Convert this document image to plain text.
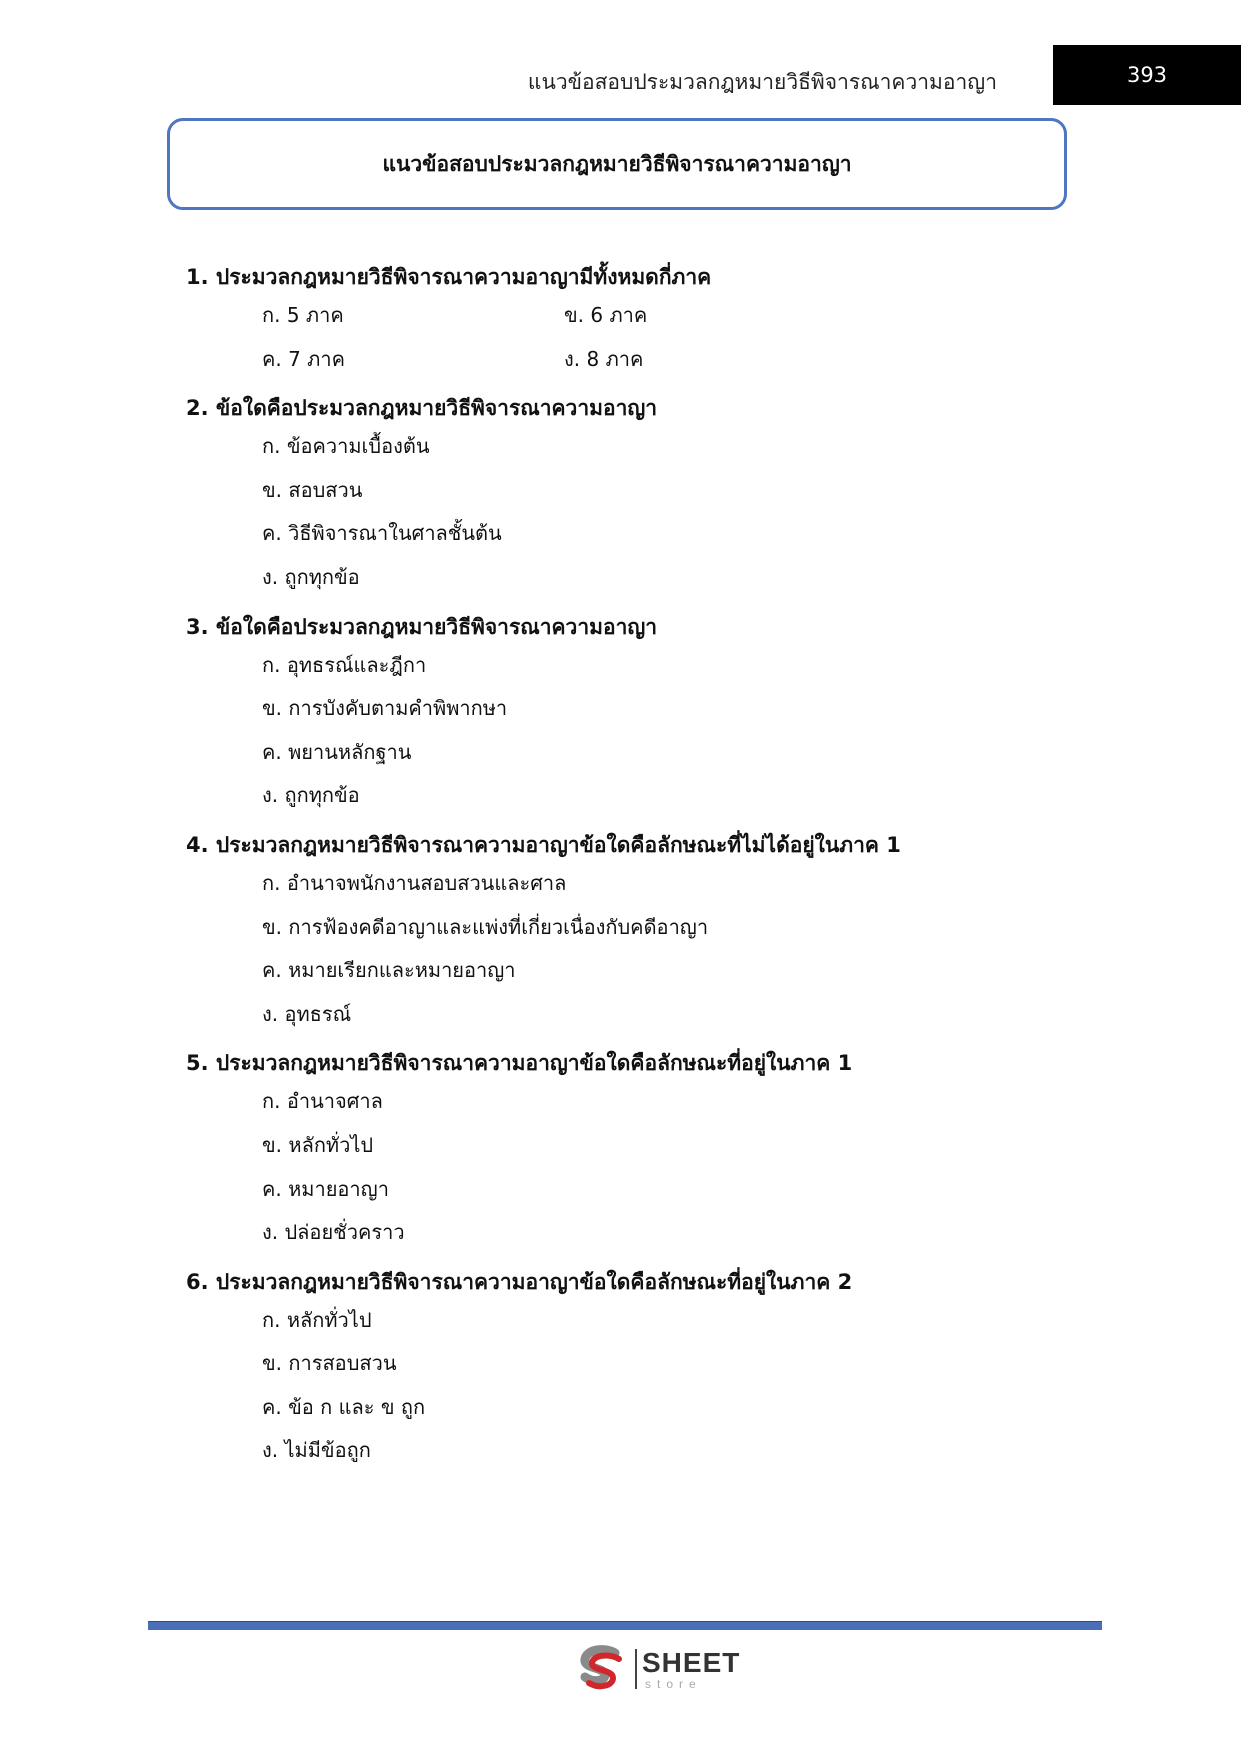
แนวข้อสอบประมวลกฎหมายวิธีพิจารณาความอาญา	393
แนวข้อสอบประมวลกฎหมายวิธีพิจารณาความอาญา
1. ประมวลกฎหมายวิธีพิจารณาความอาญามีทั้งหมดกี่ภาค
ก. 5 ภาค	ข. 6 ภาค
ค. 7 ภาค	ง. 8 ภาค
2. ข้อใดคือประมวลกฎหมายวิธีพิจารณาความอาญา
ก. ข้อความเบื้องต้น
ข. สอบสวน
ค. วิธีพิจารณาในศาลชั้นต้น
ง. ถูกทุกข้อ
3. ข้อใดคือประมวลกฎหมายวิธีพิจารณาความอาญา
ก. อุทธรณ์และฎีกา
ข. การบังคับตามคำพิพากษา
ค. พยานหลักฐาน
ง. ถูกทุกข้อ
4. ประมวลกฎหมายวิธีพิจารณาความอาญาข้อใดคือลักษณะที่ไม่ได้อยู่ในภาค 1
ก. อำนาจพนักงานสอบสวนและศาล
ข. การฟ้องคดีอาญาและแพ่งที่เกี่ยวเนื่องกับคดีอาญา
ค. หมายเรียกและหมายอาญา
ง. อุทธรณ์
5. ประมวลกฎหมายวิธีพิจารณาความอาญาข้อใดคือลักษณะที่อยู่ในภาค 1
ก. อำนาจศาล
ข. หลักทั่วไป
ค. หมายอาญา
ง. ปล่อยชั่วคราว
6. ประมวลกฎหมายวิธีพิจารณาความอาญาข้อใดคือลักษณะที่อยู่ในภาค 2
ก. หลักทั่วไป
ข. การสอบสวน
ค. ข้อ ก และ ข ถูก
ง. ไม่มีข้อถูก
SHEET
store
